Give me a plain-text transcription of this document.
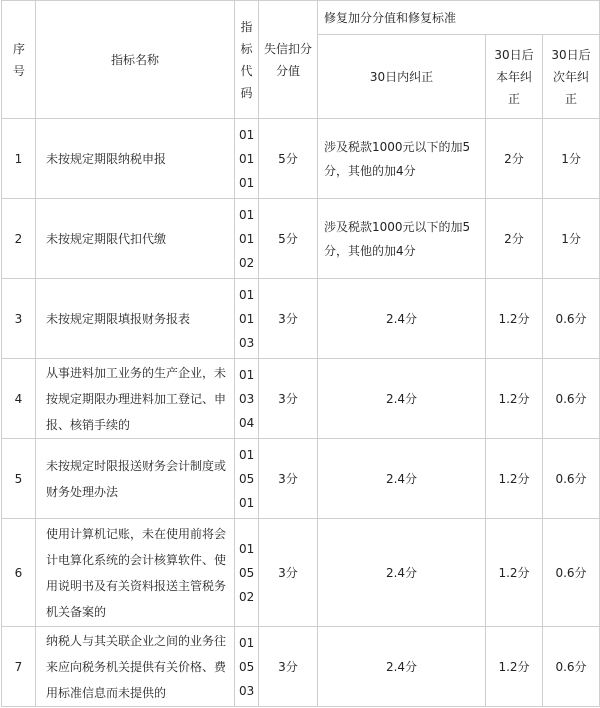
序号	指标名称	指标代码	失信扣分分值	修复加分分值和修复标准		
				30日内纠正	30日后本年纠正	30日后次年纠正
1	未按规定期限纳税申报	01 01 01	5分	涉及税款1000元以下的加5分，其他的加4分	2分	1分
2	未按规定期限代扣代缴	01 01 02	5分	涉及税款1000元以下的加5分，其他的加4分	2分	1分
3	未按规定期限填报财务报表	01 01 03	3分	2.4分	1.2分	0.6分
4	从事进料加工业务的生产企业，未按规定期限办理进料加工登记、申报、核销手续的	01 03 04	3分	2.4分	1.2分	0.6分
5	未按规定时限报送财务会计制度或财务处理办法	01 05 01	3分	2.4分	1.2分	0.6分
6	使用计算机记账，未在使用前将会计电算化系统的会计核算软件、使用说明书及有关资料报送主管税务机关备案的	01 05 02	3分	2.4分	1.2分	0.6分
7	纳税人与其关联企业之间的业务往来应向税务机关提供有关价格、费用标准信息而未提供的	01 05 03	3分	2.4分	1.2分	0.6分
